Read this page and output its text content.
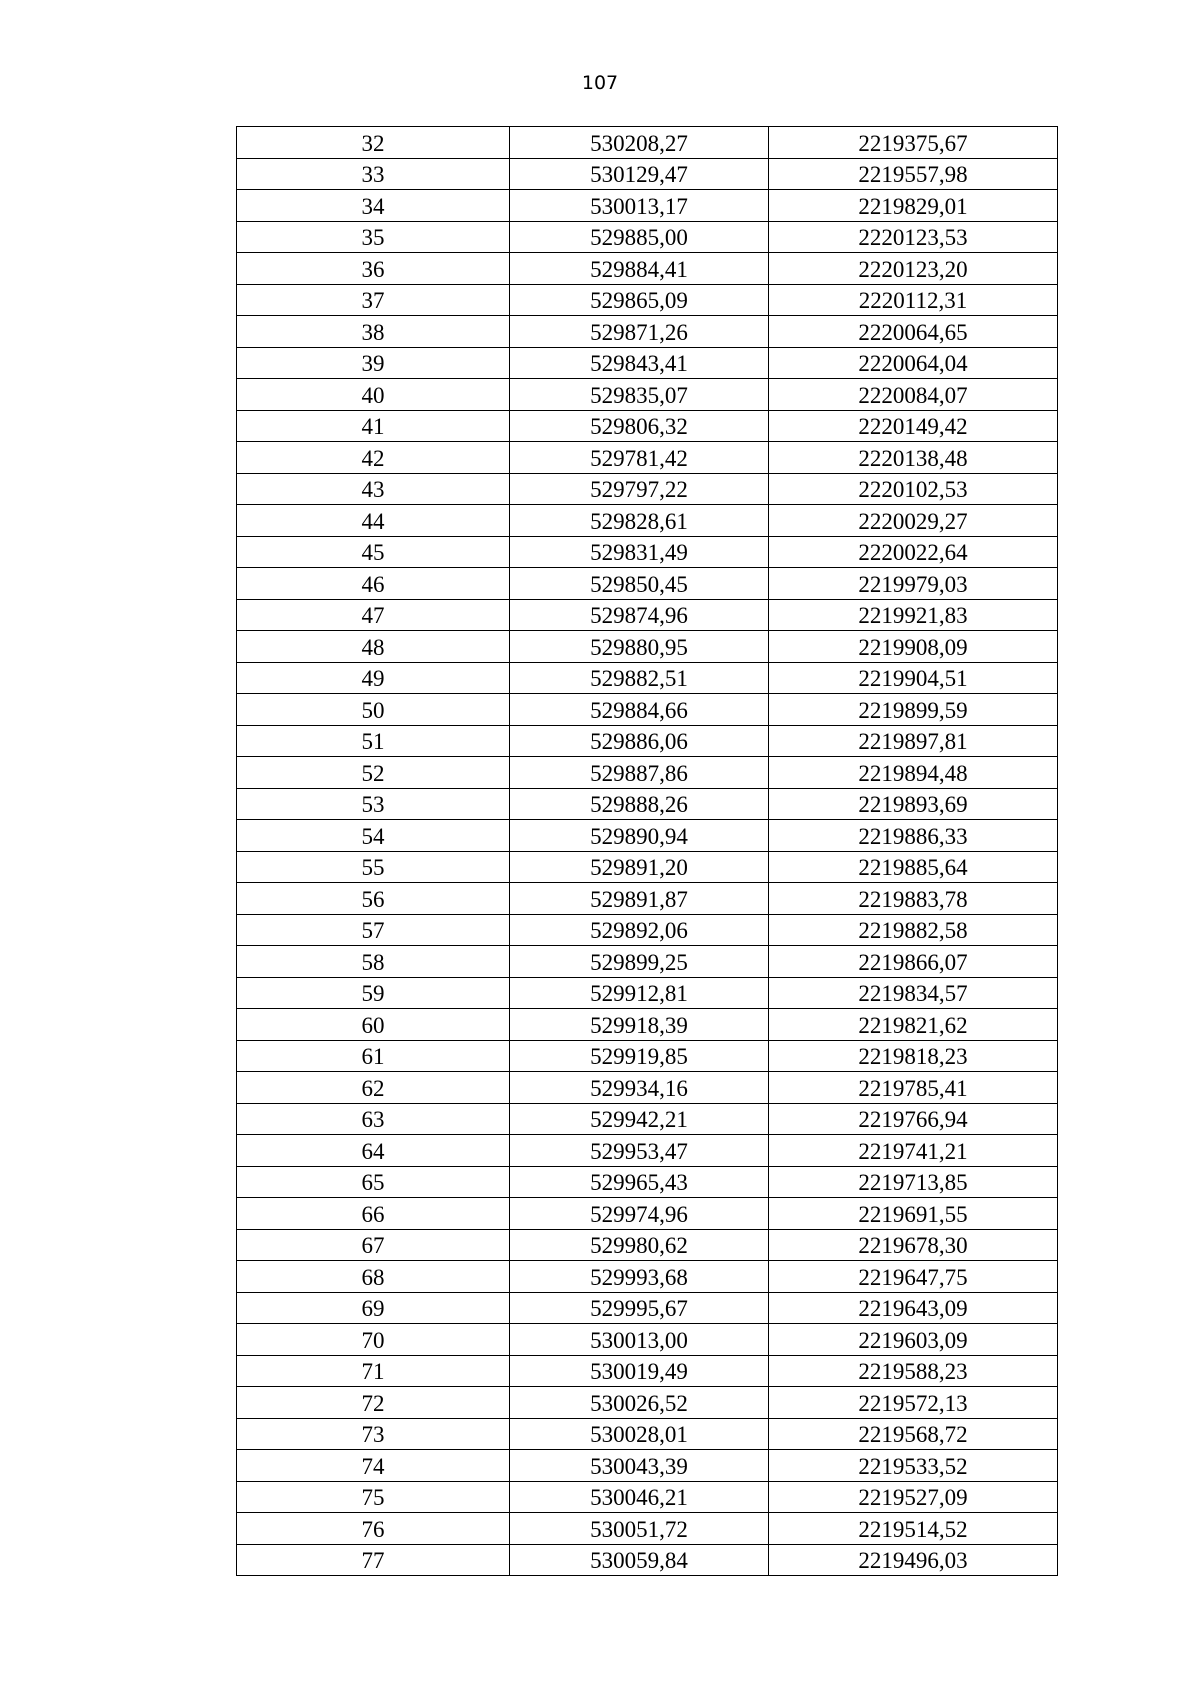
107
32	530208,27	2219375,67
33	530129,47	2219557,98
34	530013,17	2219829,01
35	529885,00	2220123,53
36	529884,41	2220123,20
37	529865,09	2220112,31
38	529871,26	2220064,65
39	529843,41	2220064,04
40	529835,07	2220084,07
41	529806,32	2220149,42
42	529781,42	2220138,48
43	529797,22	2220102,53
44	529828,61	2220029,27
45	529831,49	2220022,64
46	529850,45	2219979,03
47	529874,96	2219921,83
48	529880,95	2219908,09
49	529882,51	2219904,51
50	529884,66	2219899,59
51	529886,06	2219897,81
52	529887,86	2219894,48
53	529888,26	2219893,69
54	529890,94	2219886,33
55	529891,20	2219885,64
56	529891,87	2219883,78
57	529892,06	2219882,58
58	529899,25	2219866,07
59	529912,81	2219834,57
60	529918,39	2219821,62
61	529919,85	2219818,23
62	529934,16	2219785,41
63	529942,21	2219766,94
64	529953,47	2219741,21
65	529965,43	2219713,85
66	529974,96	2219691,55
67	529980,62	2219678,30
68	529993,68	2219647,75
69	529995,67	2219643,09
70	530013,00	2219603,09
71	530019,49	2219588,23
72	530026,52	2219572,13
73	530028,01	2219568,72
74	530043,39	2219533,52
75	530046,21	2219527,09
76	530051,72	2219514,52
77	530059,84	2219496,03
